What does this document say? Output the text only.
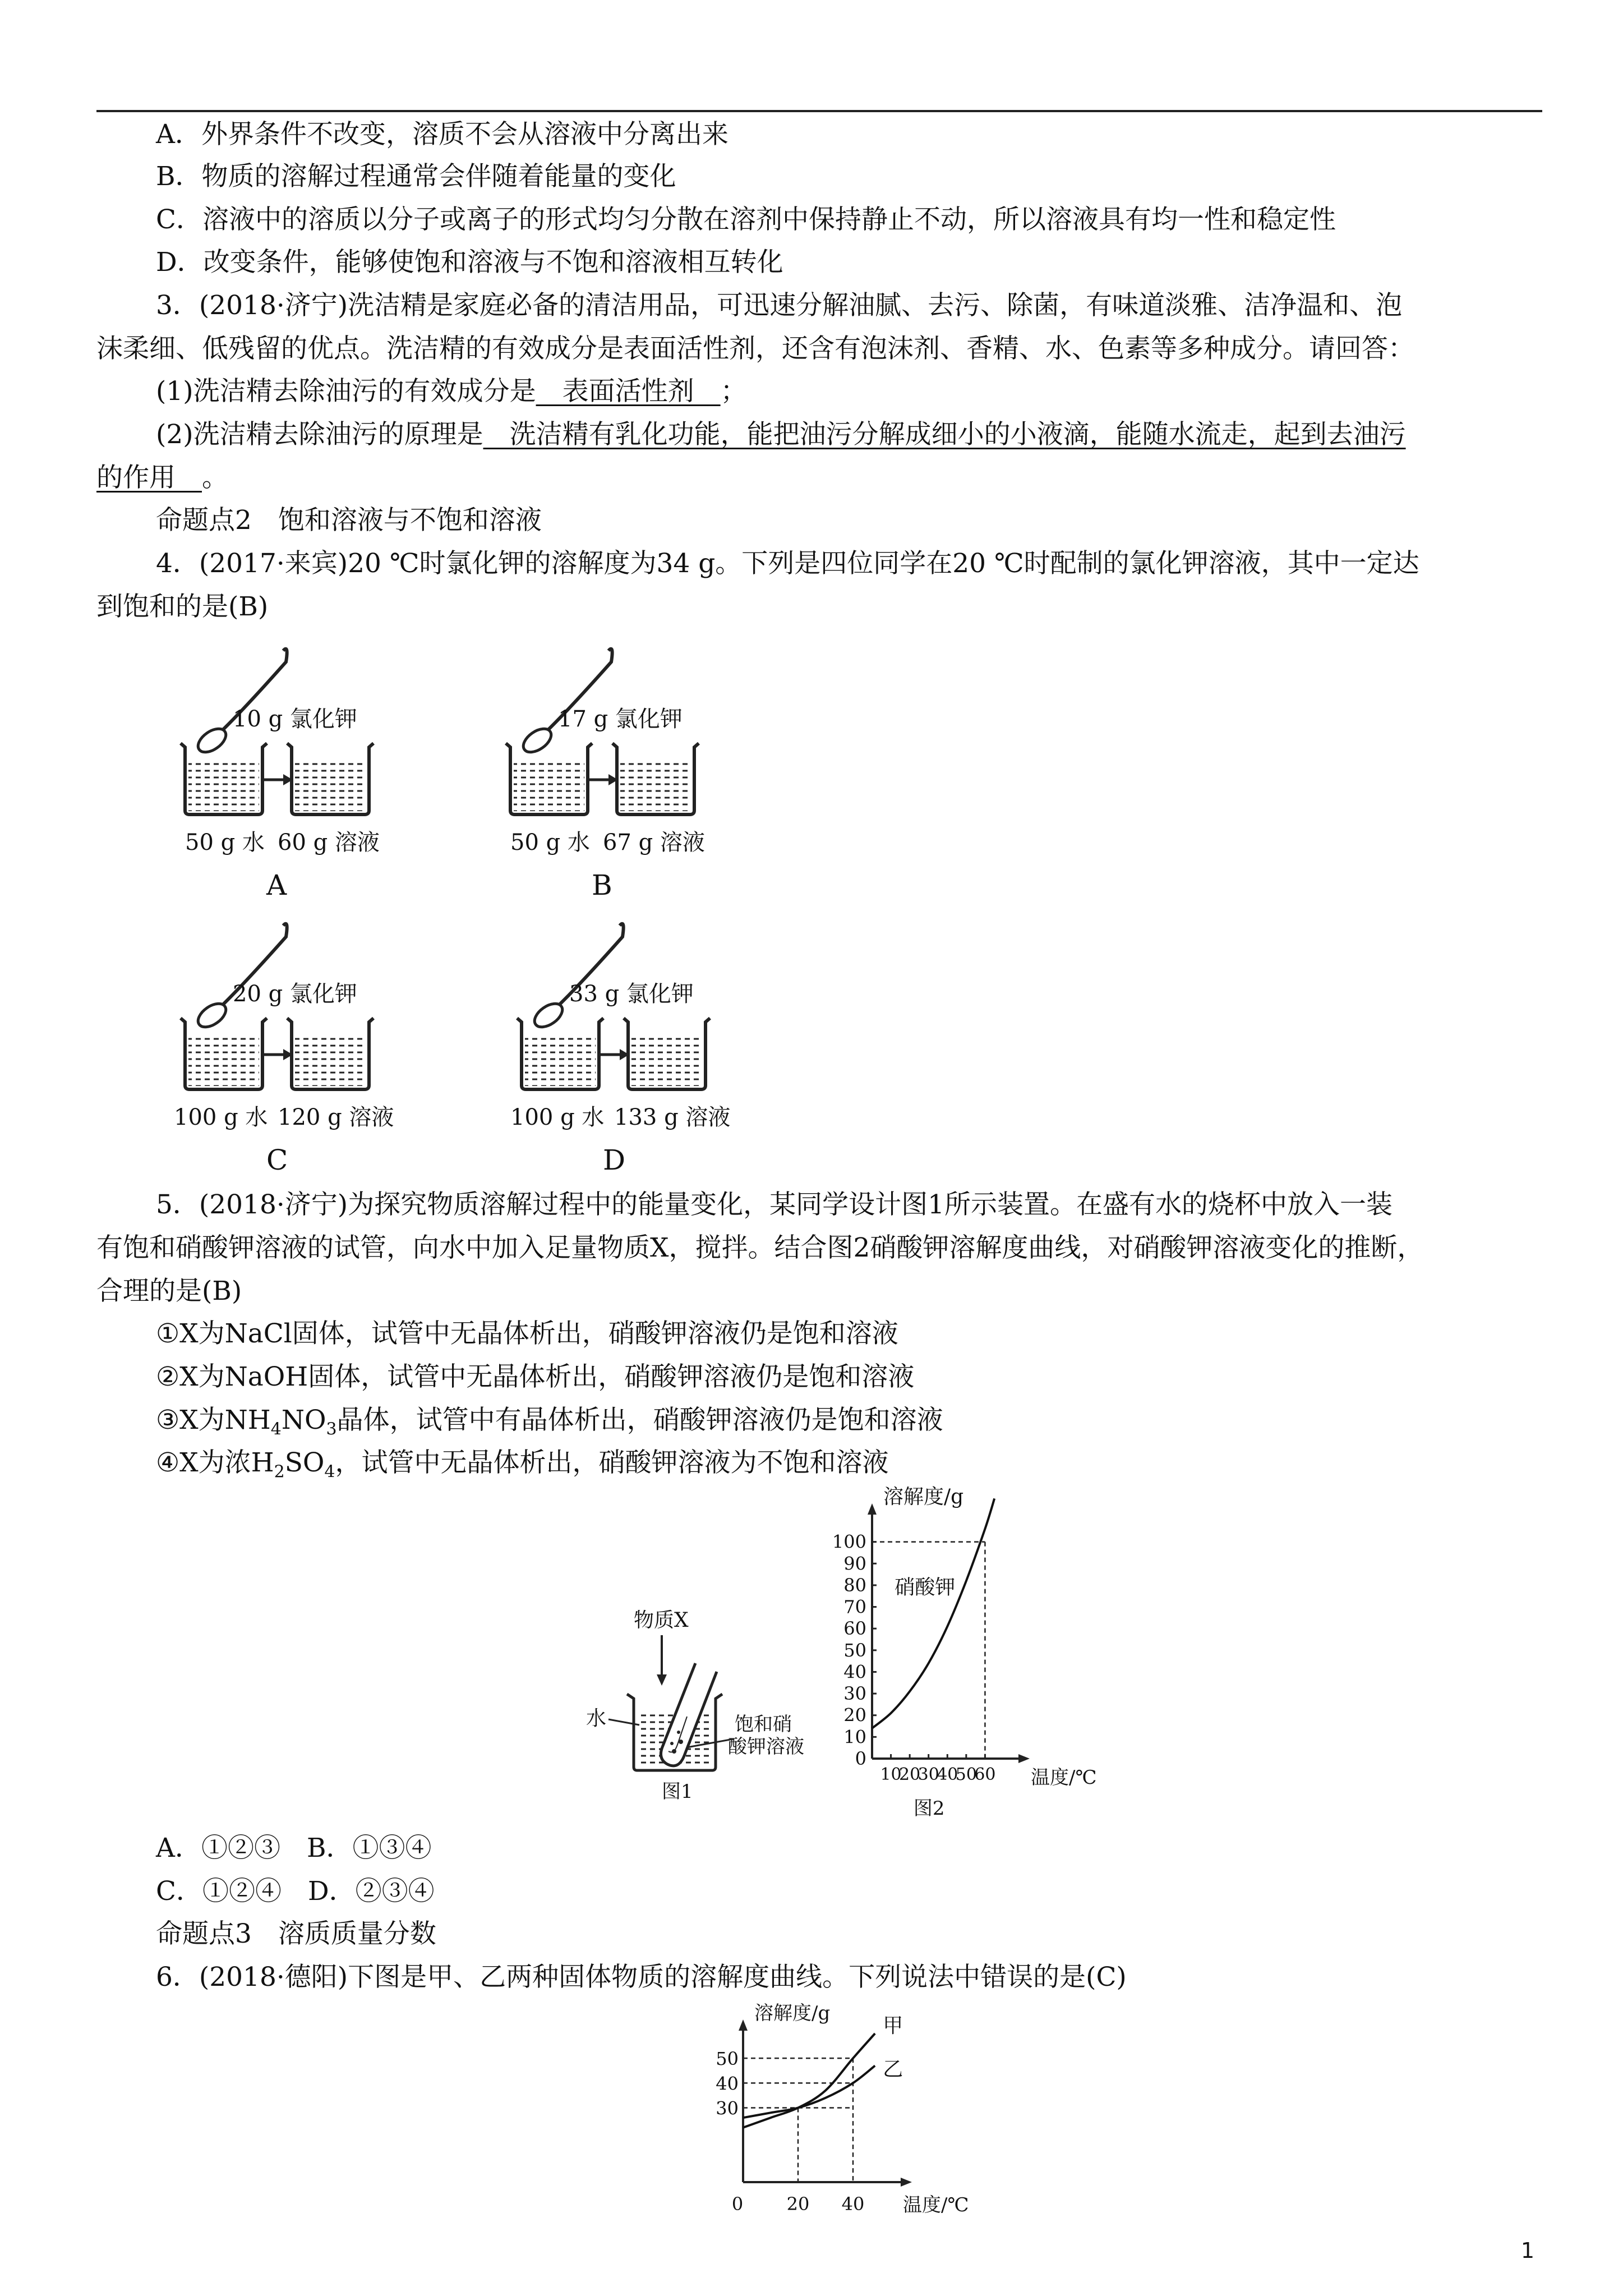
A．外界条件不改变，溶质不会从溶液中分离出来
B．物质的溶解过程通常会伴随着能量的变化
C．溶液中的溶质以分子或离子的形式均匀分散在溶剂中保持静止不动，所以溶液具有均一性和稳定性
D．改变条件，能够使饱和溶液与不饱和溶液相互转化
3．(2018·济宁)洗洁精是家庭必备的清洁用品，可迅速分解油腻、去污、除菌，有味道淡雅、洁净温和、泡
沫柔细、低残留的优点。洗洁精的有效成分是表面活性剂，还含有泡沫剂、香精、水、色素等多种成分。请回答：
(1)洗洁精去除油污的有效成分是__表面活性剂__；
(2)洗洁精去除油污的原理是__洗洁精有乳化功能，能把油污分解成细小的小液滴，能随水流走，起到去油污
的作用__。
命题点2　饱和溶液与不饱和溶液
4．(2017·来宾)20 ℃时氯化钾的溶解度为34 g。下列是四位同学在20 ℃时配制的氯化钾溶液，其中一定达
到饱和的是(B)
10 g 氯化钾
50 g 水 60 g 溶液
A
17 g 氯化钾
50 g 水 67 g 溶液
B
20 g 氯化钾
100 g 水 120 g 溶液
C
33 g 氯化钾
100 g 水 133 g 溶液
D
5．(2018·济宁)为探究物质溶解过程中的能量变化，某同学设计图1所示装置。在盛有水的烧杯中放入一装
有饱和硝酸钾溶液的试管，向水中加入足量物质X，搅拌。结合图2硝酸钾溶解度曲线，对硝酸钾溶液变化的推断，
合理的是(B)
①X为NaCl固体，试管中无晶体析出，硝酸钾溶液仍是饱和溶液
②X为NaOH固体，试管中无晶体析出，硝酸钾溶液仍是饱和溶液
③X为$NH_4NO_3$晶体，试管中有晶体析出，硝酸钾溶液仍是饱和溶液
④X为浓$H_2SO_4$，试管中无晶体析出，硝酸钾溶液为不饱和溶液
物质X
水	饱和硝
酸钾溶液
图1
溶解度/g
0
10
20
30
40
50
60
70
80
90
100
10
20
30
40
50
60 温度/℃
硝酸钾
图2
A．①②③　B．①③④
C．①②④　D．②③④
命题点3　溶质质量分数
6．(2018·德阳)下图是甲、乙两种固体物质的溶解度曲线。下列说法中错误的是(C)
溶解度/g
30
40
50
0 20 40 温度/℃
甲
乙
1
